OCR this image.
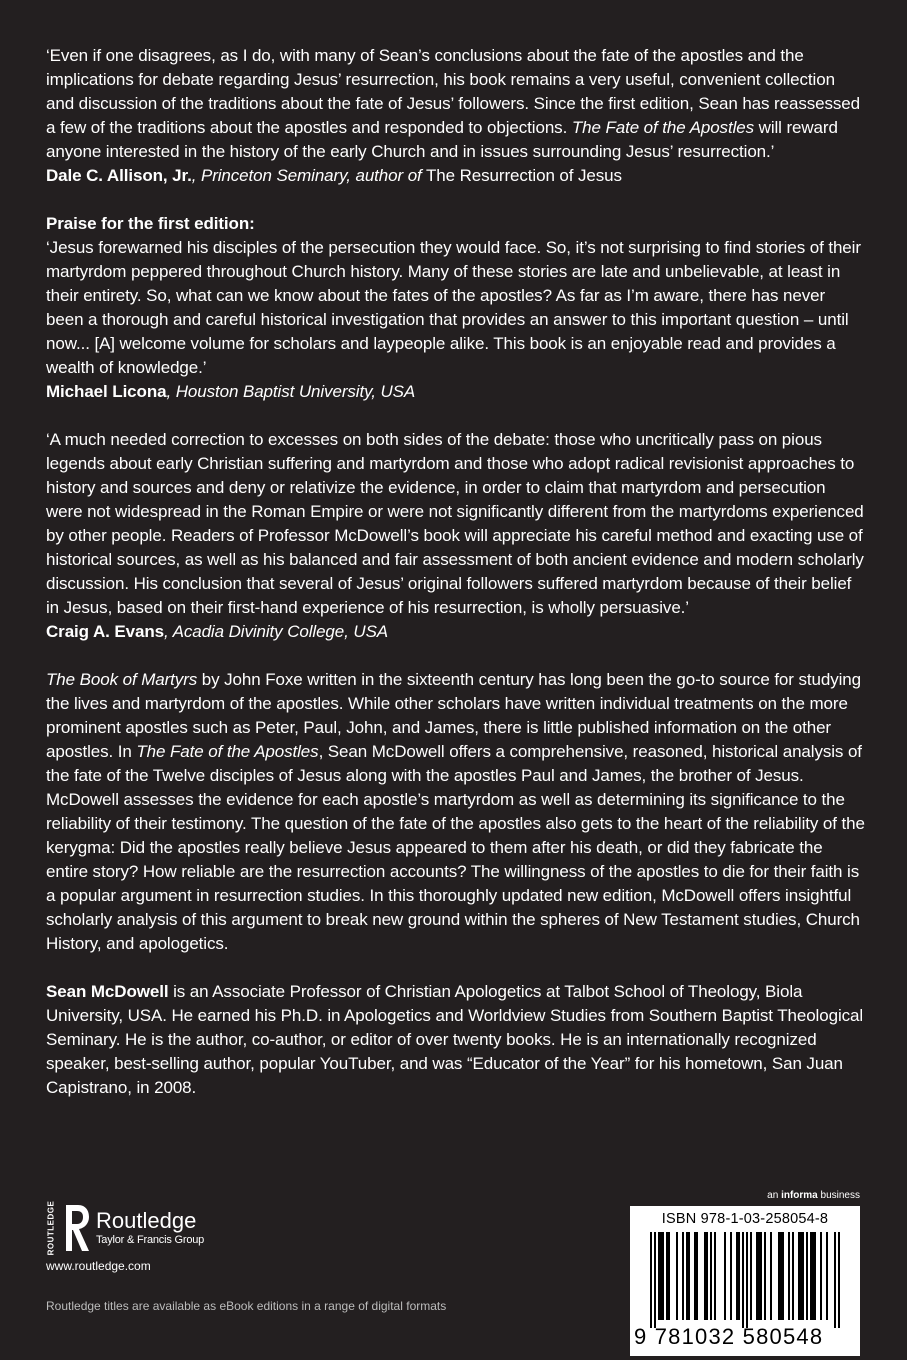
‘Even if one disagrees, as I do, with many of Sean’s conclusions about the fate of the apostles and the implications for debate regarding Jesus’ resurrection, his book remains a very useful, convenient collection and discussion of the traditions about the fate of Jesus’ followers. Since the first edition, Sean has reassessed a few of the traditions about the apostles and responded to objections. The Fate of the Apostles will reward anyone interested in the history of the early Church and in issues surrounding Jesus’ resurrection.’

Dale C. Allison, Jr., Princeton Seminary, author of The Resurrection of Jesus

Praise for the first edition:

‘Jesus forewarned his disciples of the persecution they would face. So, it’s not surprising to find stories of their martyrdom peppered throughout Church history. Many of these stories are late and unbelievable, at least in their entirety. So, what can we know about the fates of the apostles? As far as I’m aware, there has never been a thorough and careful historical investigation that provides an answer to this important question – until now... [A] welcome volume for scholars and laypeople alike. This book is an enjoyable read and provides a wealth of knowledge.’

Michael Licona, Houston Baptist University, USA

‘A much needed correction to excesses on both sides of the debate: those who uncritically pass on pious legends about early Christian suffering and martyrdom and those who adopt radical revisionist approaches to history and sources and deny or relativize the evidence, in order to claim that martyrdom and persecution were not widespread in the Roman Empire or were not significantly different from the martyrdoms experienced by other people. Readers of Professor McDowell’s book will appreciate his careful method and exacting use of historical sources, as well as his balanced and fair assessment of both ancient evidence and modern scholarly discussion. His conclusion that several of Jesus’ original followers suffered martyrdom because of their belief in Jesus, based on their first-hand experience of his resurrection, is wholly persuasive.’

Craig A. Evans, Acadia Divinity College, USA

The Book of Martyrs by John Foxe written in the sixteenth century has long been the go-to source for studying the lives and martyrdom of the apostles. While other scholars have written individual treatments on the more prominent apostles such as Peter, Paul, John, and James, there is little published information on the other apostles. In The Fate of the Apostles, Sean McDowell offers a comprehensive, reasoned, historical analysis of the fate of the Twelve disciples of Jesus along with the apostles Paul and James, the brother of Jesus. McDowell assesses the evidence for each apostle’s martyrdom as well as determining its significance to the reliability of their testimony. The question of the fate of the apostles also gets to the heart of the reliability of the kerygma: Did the apostles really believe Jesus appeared to them after his death, or did they fabricate the entire story? How reliable are the resurrection accounts? The willingness of the apostles to die for their faith is a popular argument in resurrection studies. In this thoroughly updated new edition, McDowell offers insightful scholarly analysis of this argument to break new ground within the spheres of New Testament studies, Church History, and apologetics.

Sean McDowell is an Associate Professor of Christian Apologetics at Talbot School of Theology, Biola University, USA. He earned his Ph.D. in Apologetics and Worldview Studies from Southern Baptist Theological Seminary. He is the author, co-author, or editor of over twenty books. He is an internationally recognized speaker, best-selling author, popular YouTuber, and was “Educator of the Year” for his hometown, San Juan Capistrano, in 2008.

ROUTLEDGE Routledge
Taylor & Francis Group
www.routledge.com
Routledge titles are available as eBook editions in a range of digital formats
an informa business
ISBN 978-1-03-258054-8
9 781032 580548
